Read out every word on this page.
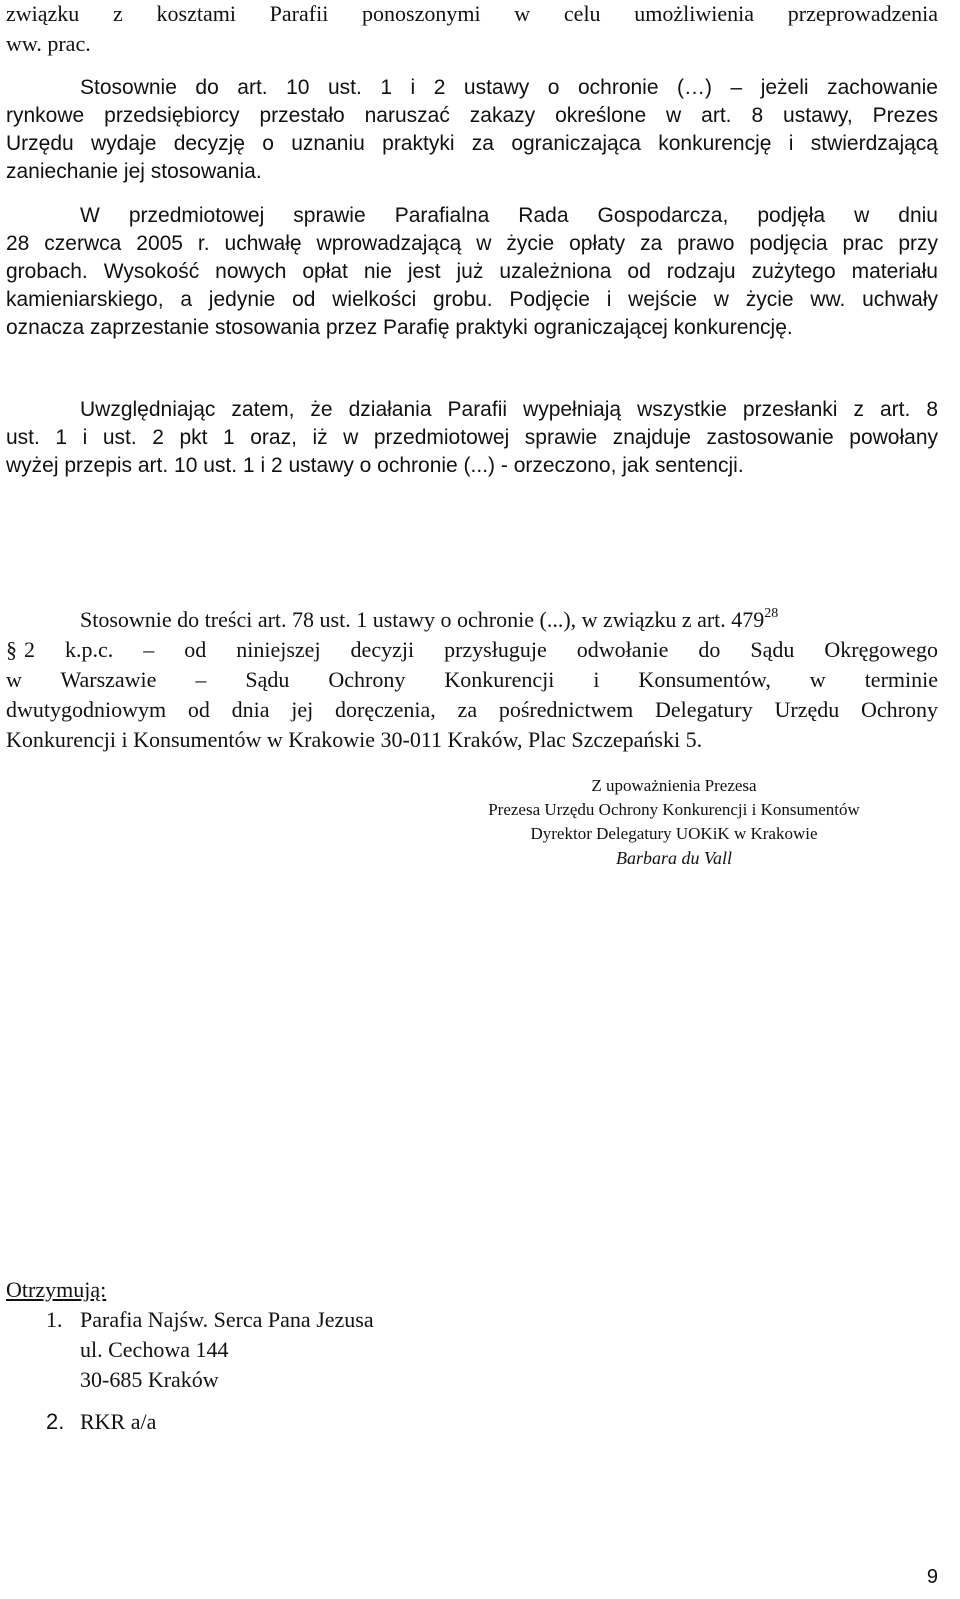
związku z kosztami Parafii ponoszonymi w celu umożliwienia przeprowadzenia

ww. prac.

Stosownie do art. 10 ust. 1 i 2 ustawy o ochronie (…) – jeżeli zachowanie

rynkowe przedsiębiorcy przestało naruszać zakazy określone w art. 8 ustawy, Prezes

Urzędu wydaje decyzję o uznaniu praktyki za ograniczająca konkurencję i stwierdzającą

zaniechanie jej stosowania.

W przedmiotowej sprawie Parafialna Rada Gospodarcza, podjęła w dniu

28 czerwca 2005 r. uchwałę wprowadzającą w życie opłaty za prawo podjęcia prac przy

grobach. Wysokość nowych opłat nie jest już uzależniona od rodzaju zużytego materiału

kamieniarskiego, a jedynie od wielkości grobu. Podjęcie i wejście w życie ww. uchwały

oznacza zaprzestanie stosowania przez Parafię praktyki ograniczającej konkurencję.

Uwzględniając zatem, że działania Parafii wypełniają wszystkie przesłanki z art. 8

ust. 1 i ust. 2 pkt 1 oraz, iż w przedmiotowej sprawie znajduje zastosowanie powołany

wyżej przepis art. 10 ust. 1 i 2 ustawy o ochronie (...) - orzeczono, jak sentencji.

Stosownie do treści art. 78 ust. 1 ustawy o ochronie (...), w związku z art. $479^{28}$

§ 2 k.p.c. – od niniejszej decyzji przysługuje odwołanie do Sądu Okręgowego

w Warszawie – Sądu Ochrony Konkurencji i Konsumentów, w terminie

dwutygodniowym od dnia jej doręczenia, za pośrednictwem Delegatury Urzędu Ochrony

Konkurencji i Konsumentów w Krakowie 30-011 Kraków, Plac Szczepański 5.

Z upoważnienia Prezesa
Prezesa Urzędu Ochrony Konkurencji i Konsumentów
Dyrektor Delegatury UOKiK w Krakowie
Barbara du Vall
Otrzymują:
1. Parafia Najśw. Serca Pana Jezusa
ul. Cechowa 144
30-685 Kraków
2. RKR a/a
9
